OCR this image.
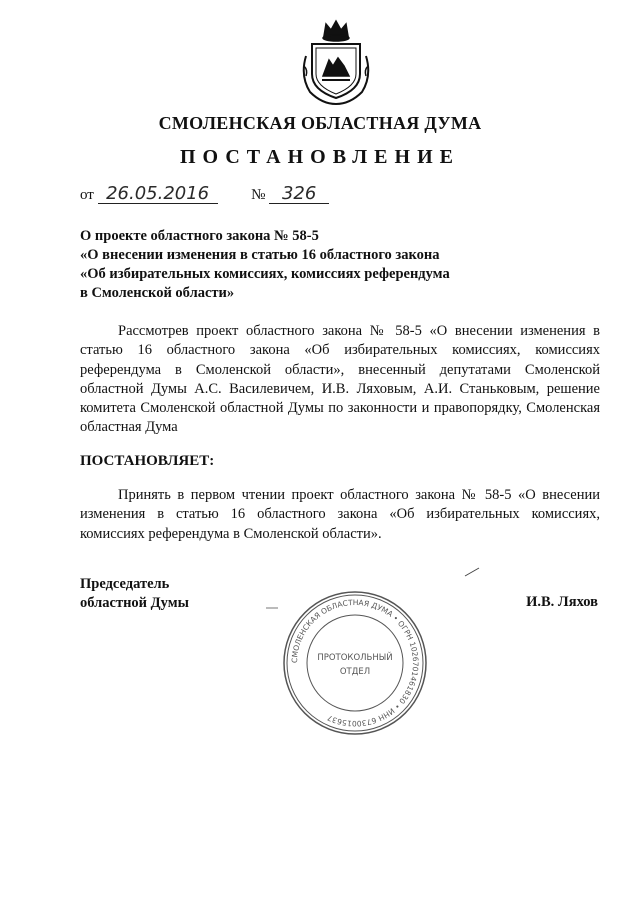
СМОЛЕНСКАЯ ОБЛАСТНАЯ ДУМА
ПОСТАНОВЛЕНИЕ
от 26.05.2016	№ 326
О проекте областного закона № 58-5
«О внесении изменения в статью 16 областного закона
«Об избирательных комиссиях, комиссиях референдума
в Смоленской области»
Рассмотрев проект областного закона № 58-5 «О внесении изменения в статью 16 областного закона «Об избирательных комиссиях, комиссиях референдума в Смоленской области», внесенный депутатами Смоленской областной Думы А.С. Василевичем, И.В. Ляховым, А.И. Станьковым, решение комитета Смоленской областной Думы по законности и правопорядку, Смоленская областная Дума
ПОСТАНОВЛЯЕТ:
Принять в первом чтении проект областного закона № 58-5 «О внесении изменения в статью 16 областного закона «Об избирательных комиссиях, комиссиях референдума в Смоленской области».
Председатель
областной Думы	И.В. Ляхов
СМОЛЕНСКАЯ ОБЛАСТНАЯ ДУМА • ОГРН 1026701461830 • ИНН 6730015637
ПРОТОКОЛЬНЫЙ
ОТДЕЛ
